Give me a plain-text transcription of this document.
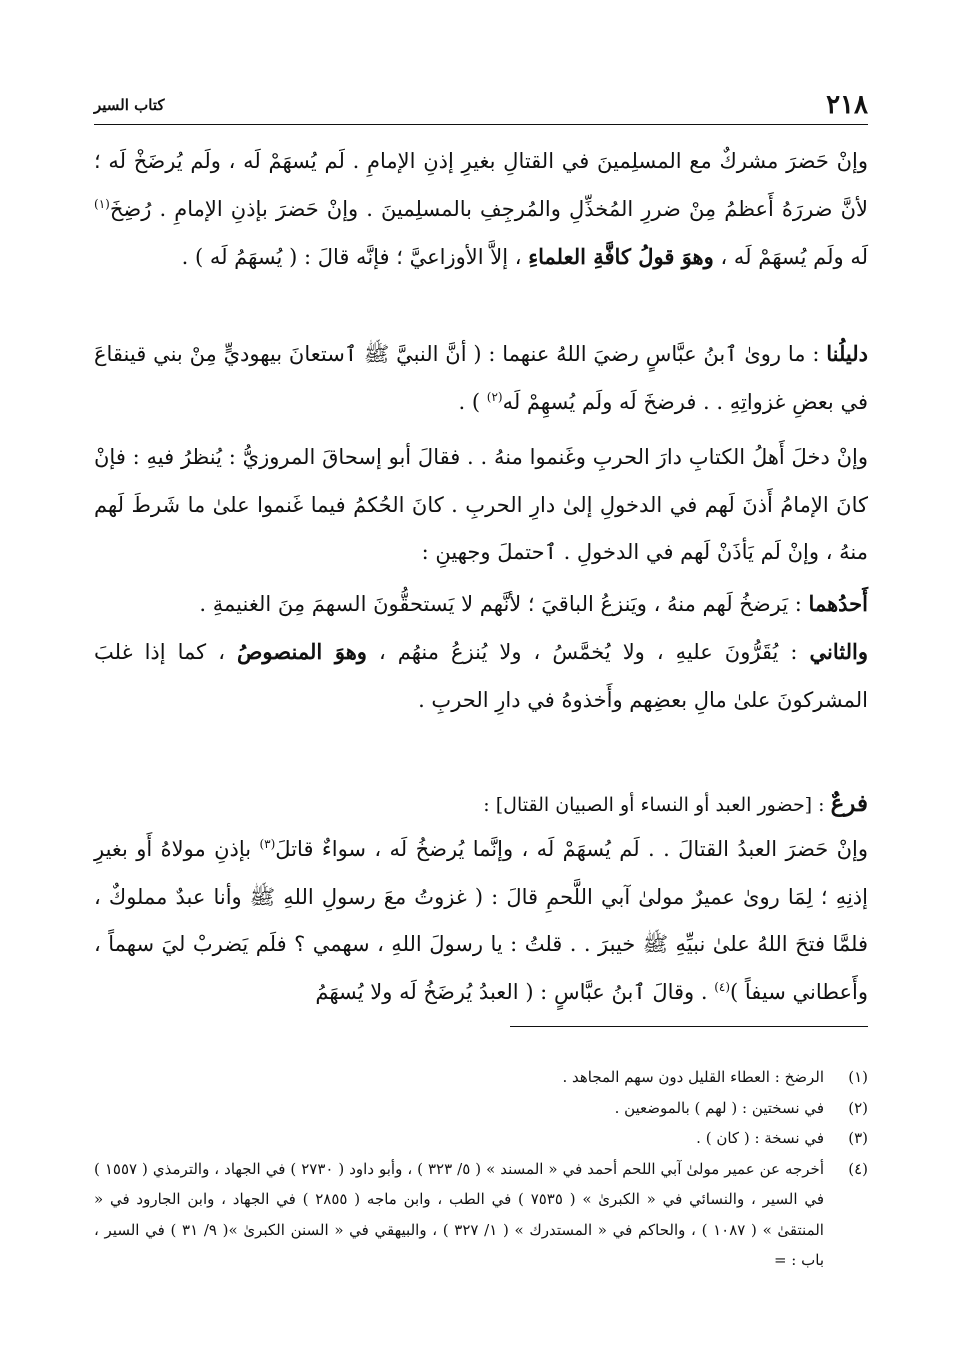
٢١٨
كتاب السير

وإنْ حَضرَ مشركٌ مع المسلِمينَ في القتالِ بغيرِ إذنِ الإمامِ . لَم يُسهَمْ لَه ، ولَم يُرضَخْ لَه ؛ لأنَّ ضررَهُ أَعظمُ مِنْ ضررِ المُخذِّلِ والمُرجِفِ بالمسلِمينَ . وإنْ حَضرَ بإذنِ الإمامِ . رُضِخَ$^{(١)}$ لَه ولَم يُسهَمْ لَه ، وهوَ قولُ كافَّةِ العلماءِ ، إلاَّ الأوزاعيَّ ؛ فإنَّه قالَ : ( يُسهَمُ لَه ) .

دليلُنا : ما روىٰ ٱبنُ عبَّاسٍ رضيَ اللهُ عنهما : ( أنَّ النبيَّ ﷺ ٱستعانَ بيهوديٍّ مِنْ بني قينقاعَ في بعضِ غزواتِهِ . . فرضخَ لَه ولَم يُسهِمْ لَه$^{(٢)}$ ) .

وإنْ دخلَ أَهلُ الكتابِ دارَ الحربِ وغَنموا منهُ . . فقالَ أبو إسحاقَ المروزيُّ : يُنظرُ فيهِ : فإنْ كانَ الإمامُ أَذنَ لَهم في الدخولِ إلىٰ دارِ الحربِ . كانَ الحُكمُ فيما غَنموا علىٰ ما شَرطَ لَهم منهُ ، وإنْ لَم يَأذَنْ لَهم في الدخولِ . ٱحتملَ وجهينِ :

أَحدُهما : يَرضخُ لَهم منهُ ، ويَنزعُ الباقيَ ؛ لأنَّهم لا يَستحقُّونَ السهمَ مِنَ الغنيمةِ .

والثاني : يُقَرُّونَ عليهِ ، ولا يُخمَّسُ ، ولا يُنزعُ منهُم ، وهوَ المنصوصُ ، كما إذا غلبَ المشركونَ علىٰ مالِ بعضِهم وأَخذوهُ في دارِ الحربِ .

فرعٌ : [حضور العبد أو النساء أو الصبيان القتال] :

وإنْ حَضرَ العبدُ القتالَ . . لَم يُسهَمْ لَه ، وإنَّما يُرضخُ لَه ، سواءٌ قاتلَ$^{(٣)}$ بإذنِ مولاهُ أَو بغيرِ إذنِهِ ؛ لِمَا روىٰ عميرٌ مولىٰ آبي اللَّحمِ قالَ : ( غزوتُ معَ رسولِ اللهِ ﷺ وأنا عبدٌ مملوكٌ ، فلمَّا فتحَ اللهُ علىٰ نبيِّهِ ﷺ خيبرَ . . قلتُ : يا رسولَ اللهِ ، سهمي ؟ فلَم يَضربْ ليَ سهماً ، وأَعطاني سيفاً )$^{(٤)}$ . وقالَ ٱبنُ عبَّاسٍ : ( العبدُ يُرضَخُ لَه ولا يُسهَمُ

(١)
الرضخ : العطاء القليل دون سهم المجاهد .
(٢)
في نسختين : ( لهم ) بالموضعين .
(٣)
في نسخة : ( كان ) .
(٤)
أخرجه عن عمير مولىٰ آبي اللحم أحمد في « المسند » ( ٥/ ٣٢٣ ) ، وأبو داود ( ٢٧٣٠ ) في الجهاد ، والترمذي ( ١٥٥٧ ) في السير ، والنسائي في « الكبرىٰ » ( ٧٥٣٥ ) في الطب ، وابن ماجه ( ٢٨٥٥ ) في الجهاد ، وابن الجارود في « المنتقىٰ » ( ١٠٨٧ ) ، والحاكم في « المستدرك » ( ١/ ٣٢٧ ) ، والبيهقي في « السنن الكبرىٰ »( ٩/ ٣١ ) في السير ، باب : =
